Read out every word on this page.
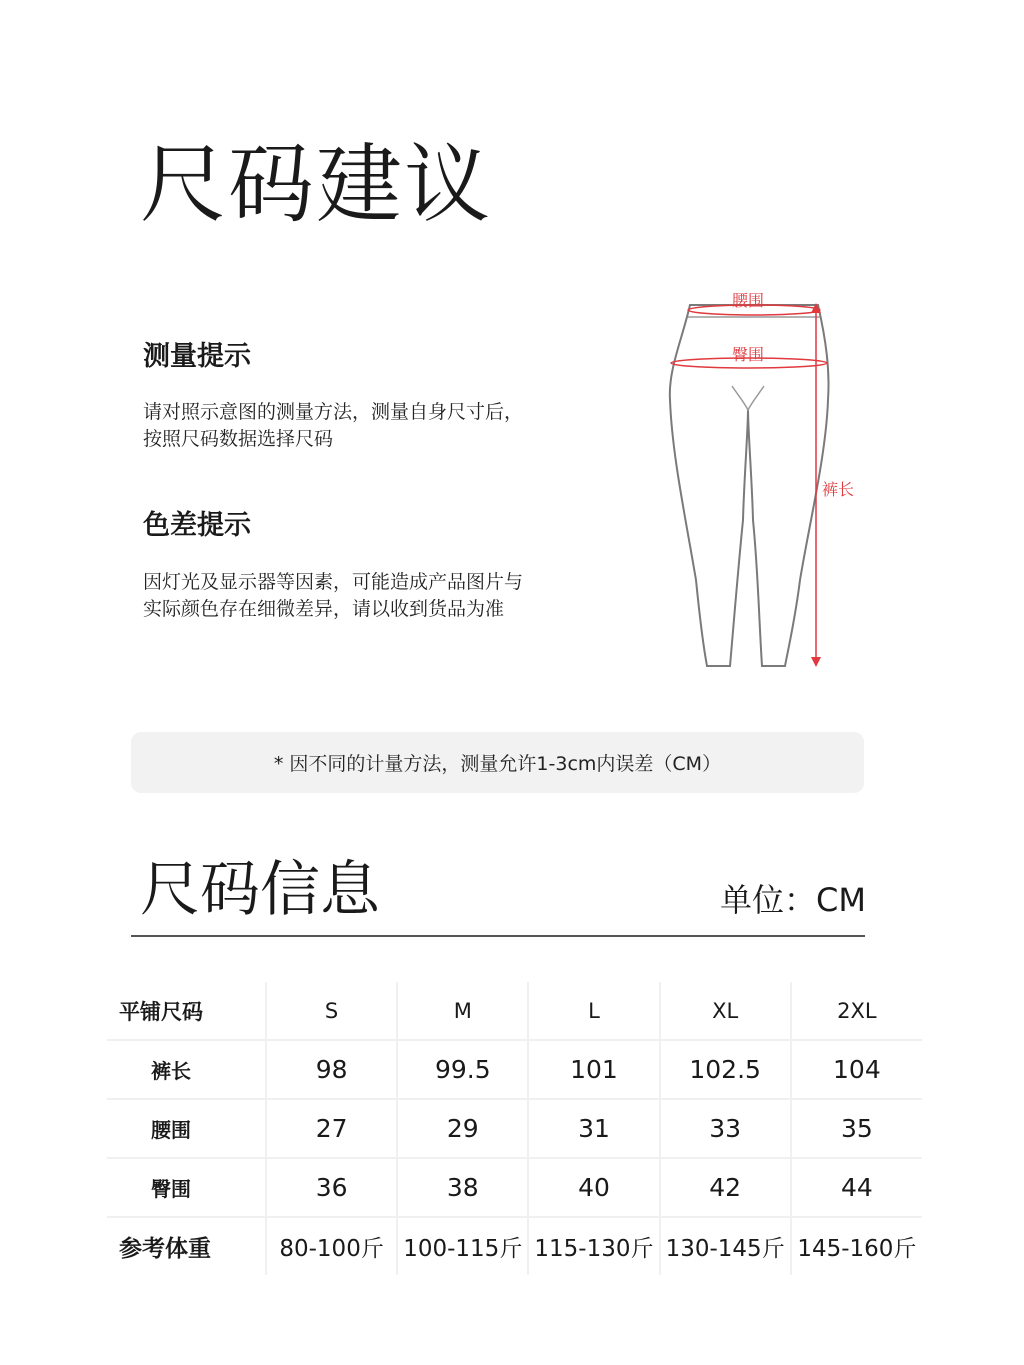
尺码建议
测量提示
请对照示意图的测量方法，测量自身尺寸后，
按照尺码数据选择尺码
色差提示
因灯光及显示器等因素，可能造成产品图片与
实际颜色存在细微差异，请以收到货品为准
腰围
臀围
裤长
* 因不同的计量方法，测量允许1-3cm内误差（CM）
尺码信息	单位：CM
平铺尺码	S	M	L	XL	2XL
裤长	98	99.5	101	102.5	104
腰围	27	29	31	33	35
臀围	36	38	40	42	44
参考体重	80-100斤	100-115斤	115-130斤	130-145斤	145-160斤
